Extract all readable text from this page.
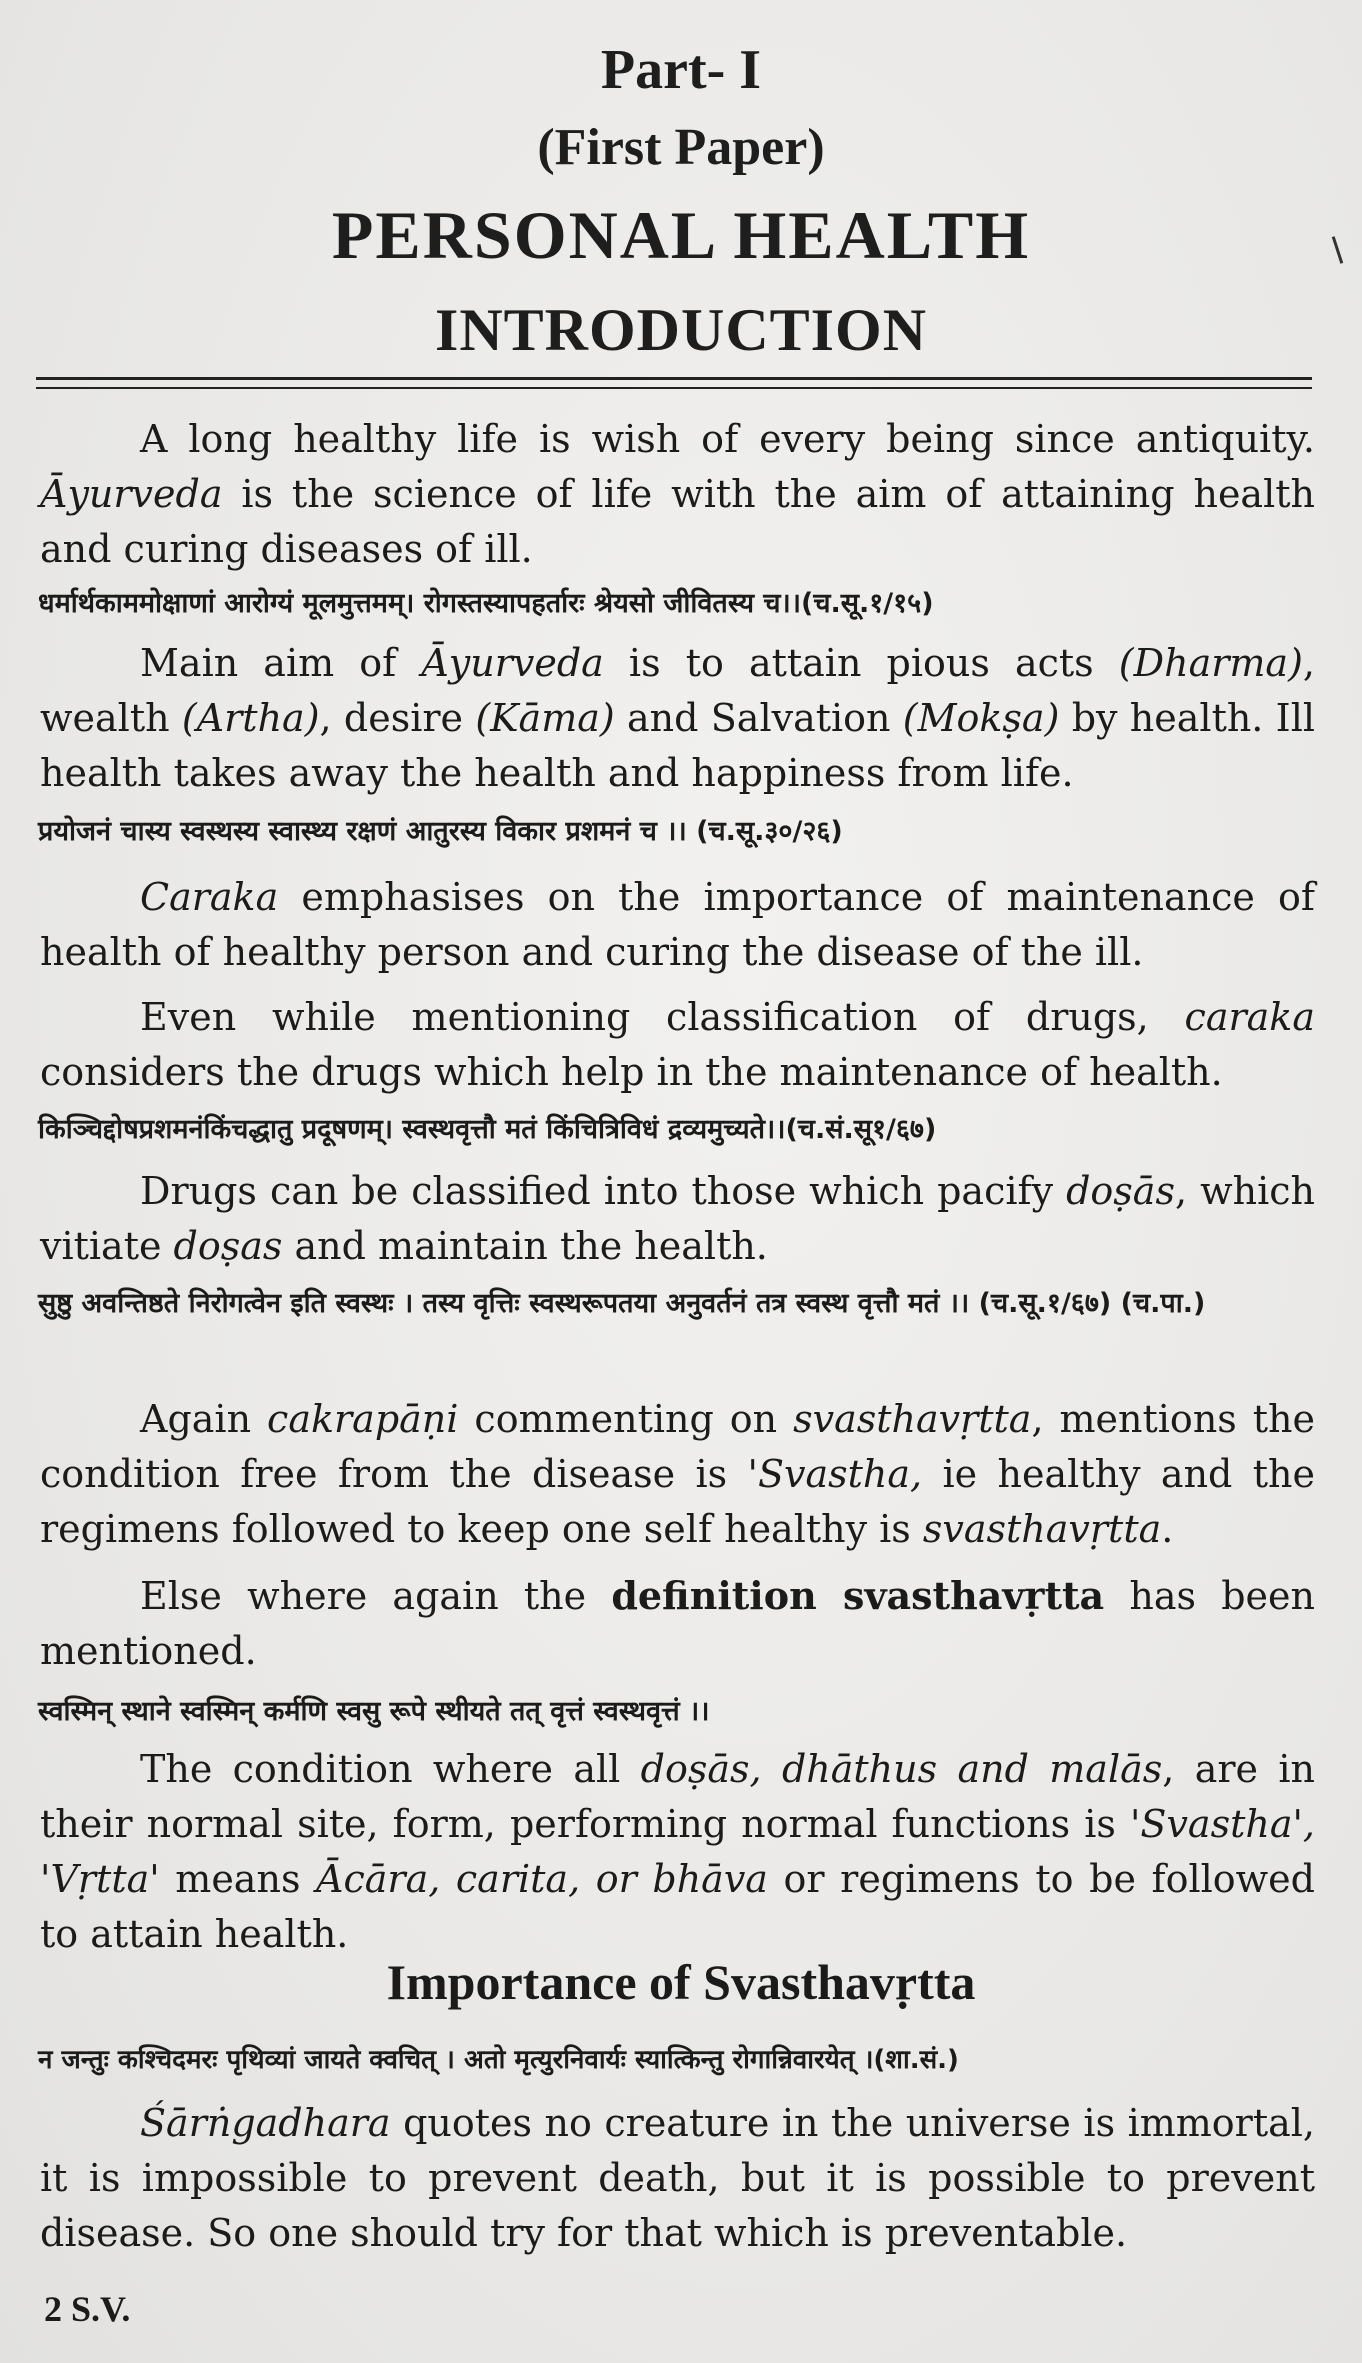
Part- I
(First Paper)
PERSONAL HEALTH
INTRODUCTION
A long healthy life is wish of every being since antiquity. Āyurveda is the science of life with the aim of attaining health and curing diseases of ill.
धर्मार्थकाममोक्षाणां आरोग्यं मूलमुत्तमम्। रोगस्तस्यापहर्तारः श्रेयसो जीवितस्य च।।(च.सू.१/१५)
Main aim of Āyurveda is to attain pious acts (Dharma), wealth (Artha), desire (Kāma) and Salvation (Mokṣa) by health. Ill health takes away the health and happiness from life.
प्रयोजनं चास्य स्वस्थस्य स्वास्थ्य रक्षणं आतुरस्य विकार प्रशमनं च ।। (च.सू.३०/२६)
Caraka emphasises on the importance of maintenance of health of healthy person and curing the disease of the ill.
Even while mentioning classification of drugs, caraka considers the drugs which help in the maintenance of health.
किञ्चिद्दोषप्रशमनंकिंचद्धातु प्रदूषणम्। स्वस्थवृत्तौ मतं किंचित्रिविधं द्रव्यमुच्यते।।(च.सं.सू१/६७)
Drugs can be classified into those which pacify doṣās, which vitiate doṣas and maintain the health.
सुष्ठु अवन्तिष्ठते निरोगत्वेन इति स्वस्थः । तस्य वृत्तिः स्वस्थरूपतया अनुवर्तनं तत्र स्वस्थ वृत्तौ मतं ।। (च.सू.१/६७) (च.पा.)
Again cakrapāṇi commenting on svasthavṛtta, mentions the condition free from the disease is 'Svastha, ie healthy and the regimens followed to keep one self healthy is svasthavṛtta.
Else where again the definition svasthavṛtta has been mentioned.
स्वस्मिन् स्थाने स्वस्मिन् कर्मणि स्वसु रूपे स्थीयते तत् वृत्तं स्वस्थवृत्तं ।।
The condition where all doṣās, dhāthus and malās, are in their normal site, form, performing normal functions is 'Svastha', 'Vṛtta' means Ācāra, carita, or bhāva or regimens to be followed to attain health.
Importance of Svasthavṛtta
न जन्तुः कश्चिदमरः पृथिव्यां जायते क्वचित् । अतो मृत्युरनिवार्यः स्यात्किन्तु रोगान्निवारयेत् ।(शा.सं.)
Śārṅgadhara quotes no creature in the universe is immortal, it is impossible to prevent death, but it is possible to prevent disease. So one should try for that which is preventable.
2 S.V.
